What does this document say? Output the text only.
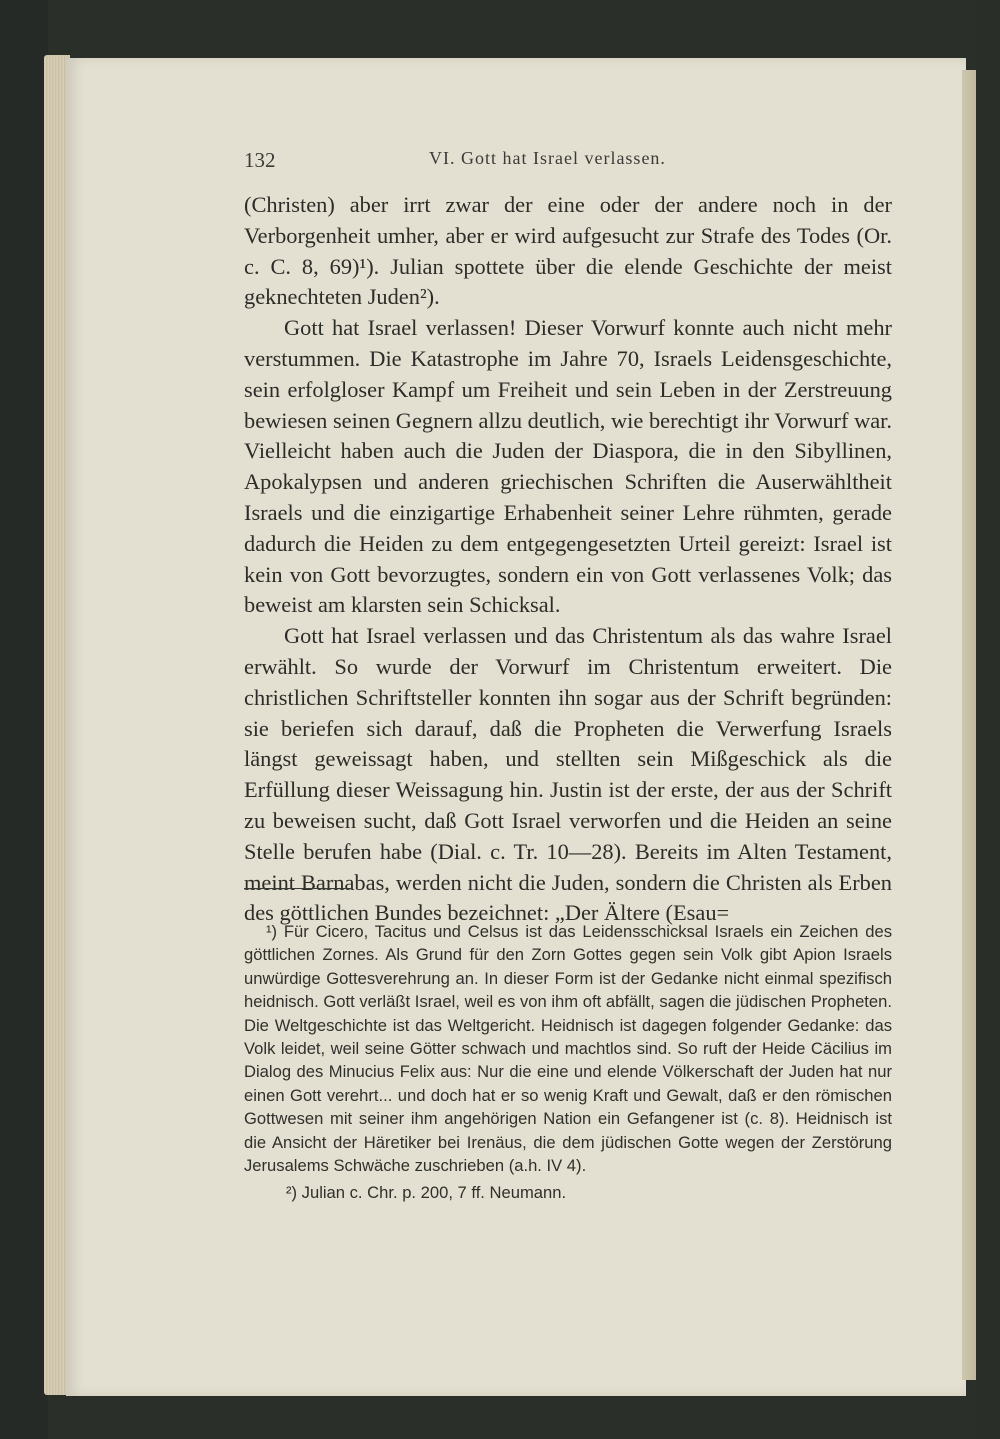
132	VI. Gott hat Israel verlassen.

(Christen) aber irrt zwar der eine oder der andere noch in der Verborgenheit umher, aber er wird aufgesucht zur Strafe des Todes (Or. c. C. 8, 69)¹). Julian spottete über die elende Geschichte der meist geknechteten Juden²).

Gott hat Israel verlassen! Dieser Vorwurf konnte auch nicht mehr verstummen. Die Katastrophe im Jahre 70, Israels Leidensgeschichte, sein erfolgloser Kampf um Freiheit und sein Leben in der Zerstreuung bewiesen seinen Gegnern allzu deutlich, wie berechtigt ihr Vorwurf war. Vielleicht haben auch die Juden der Diaspora, die in den Sibyllinen, Apokalypsen und anderen griechischen Schriften die Auserwähltheit Israels und die einzigartige Erhabenheit seiner Lehre rühmten, gerade dadurch die Heiden zu dem entgegengesetzten Urteil gereizt: Israel ist kein von Gott bevorzugtes, sondern ein von Gott verlassenes Volk; das beweist am klarsten sein Schicksal.

Gott hat Israel verlassen und das Christentum als das wahre Israel erwählt. So wurde der Vorwurf im Christentum erweitert. Die christlichen Schriftsteller konnten ihn sogar aus der Schrift begründen: sie beriefen sich darauf, daß die Propheten die Verwerfung Israels längst geweissagt haben, und stellten sein Mißgeschick als die Erfüllung dieser Weissagung hin. Justin ist der erste, der aus der Schrift zu beweisen sucht, daß Gott Israel verworfen und die Heiden an seine Stelle berufen habe (Dial. c. Tr. 10—28). Bereits im Alten Testament, meint Barnabas, werden nicht die Juden, sondern die Christen als Erben des göttlichen Bundes bezeichnet: „Der Ältere (Esau=

¹) Für Cicero, Tacitus und Celsus ist das Leidensschicksal Israels ein Zeichen des göttlichen Zornes. Als Grund für den Zorn Gottes gegen sein Volk gibt Apion Israels unwürdige Gottesverehrung an. In dieser Form ist der Gedanke nicht einmal spezifisch heidnisch. Gott verläßt Israel, weil es von ihm oft abfällt, sagen die jüdischen Propheten. Die Weltgeschichte ist das Weltgericht. Heidnisch ist dagegen folgender Gedanke: das Volk leidet, weil seine Götter schwach und machtlos sind. So ruft der Heide Cäcilius im Dialog des Minucius Felix aus: Nur die eine und elende Völkerschaft der Juden hat nur einen Gott verehrt... und doch hat er so wenig Kraft und Gewalt, daß er den römischen Gottwesen mit seiner ihm angehörigen Nation ein Gefangener ist (c. 8). Heidnisch ist die Ansicht der Häretiker bei Irenäus, die dem jüdischen Gotte wegen der Zerstörung Jerusalems Schwäche zuschrieben (a.h. IV 4).

²) Julian c. Chr. p. 200, 7 ff. Neumann.
